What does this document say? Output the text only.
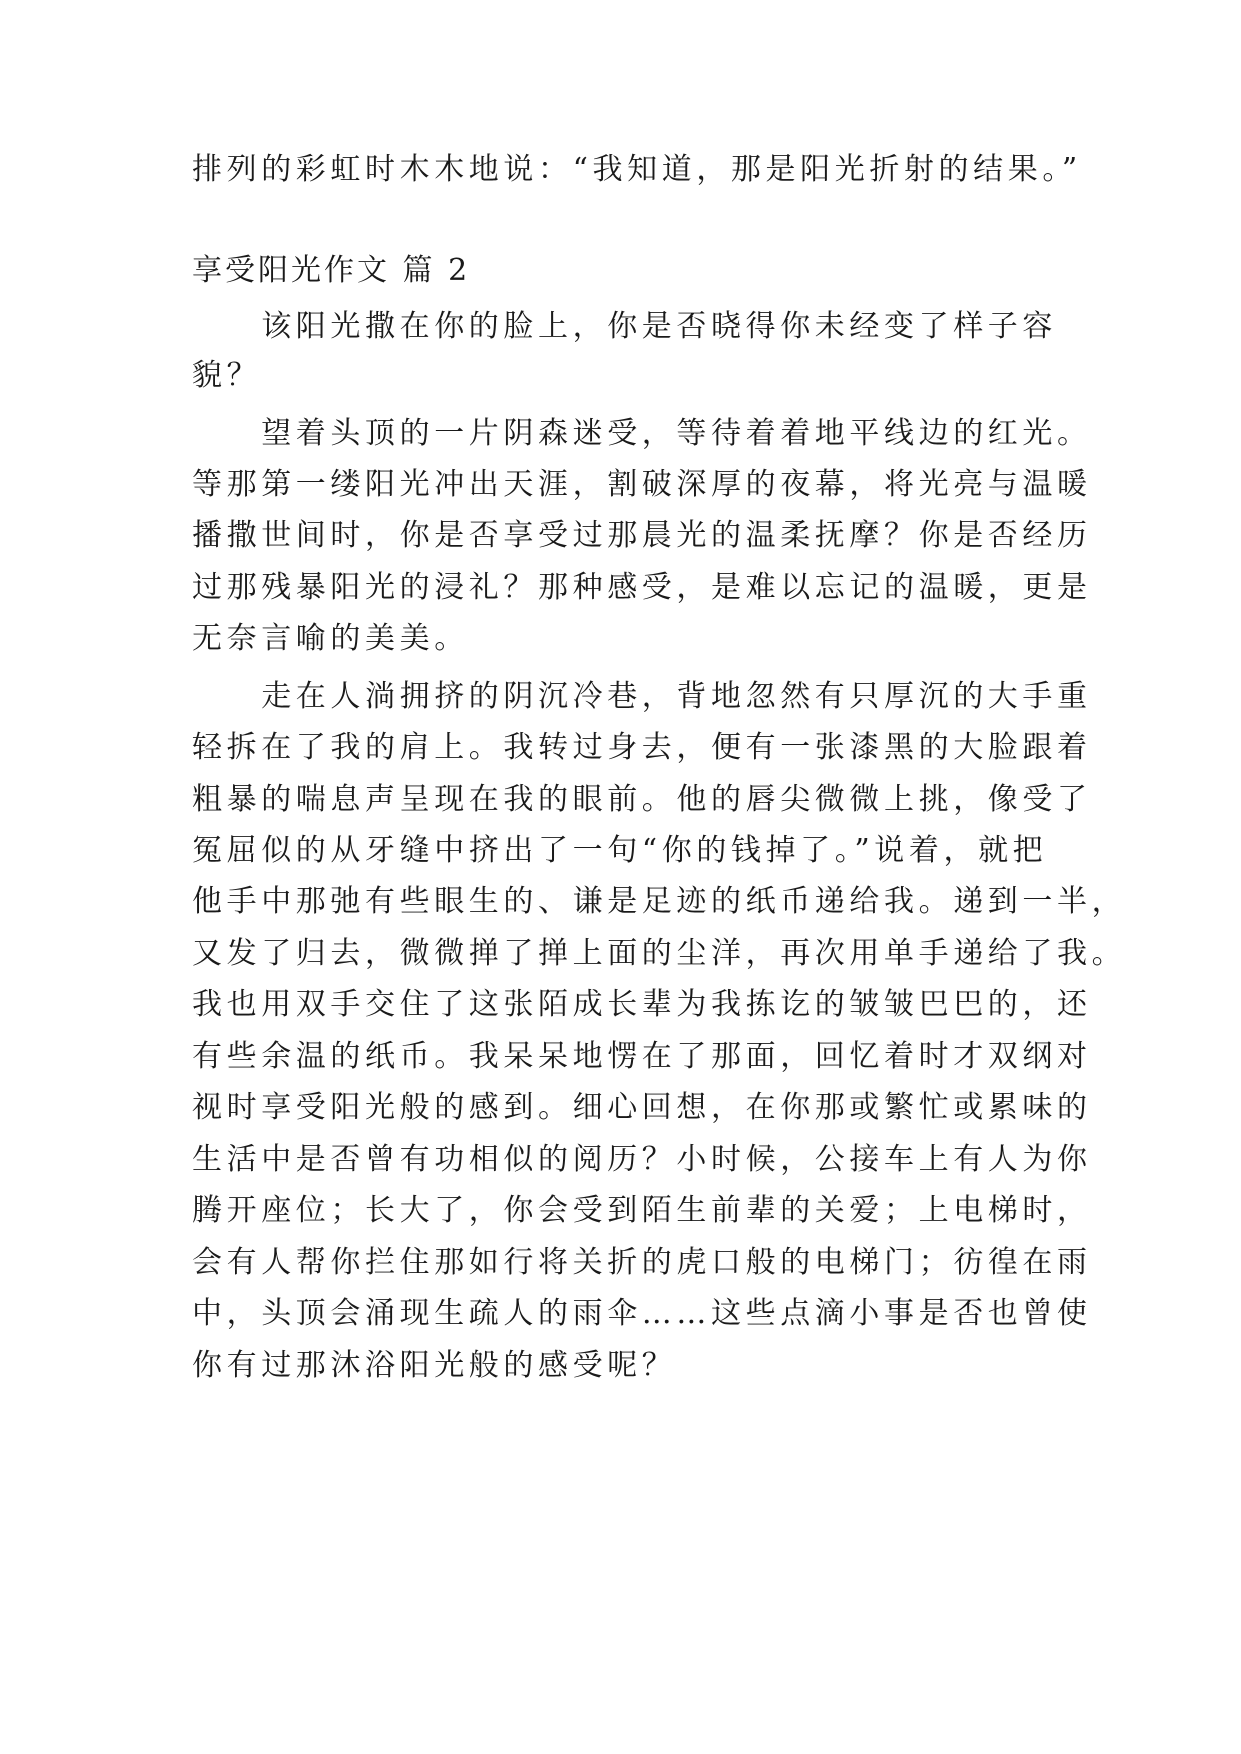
排列的彩虹时木木地说：“我知道，那是阳光折射的结果。”
享受阳光作文 篇 2
　　该阳光撒在你的脸上，你是否晓得你未经变了样子容
貌？
　　望着头顶的一片阴森迷受，等待着着地平线边的红光。
等那第一缕阳光冲出天涯，割破深厚的夜幕，将光亮与温暖
播撒世间时，你是否享受过那晨光的温柔抚摩？你是否经历
过那残暴阳光的浸礼？那种感受，是难以忘记的温暖，更是
无奈言喻的美美。
　　走在人淌拥挤的阴沉冷巷，背地忽然有只厚沉的大手重
轻拆在了我的肩上。我转过身去，便有一张漆黑的大脸跟着
粗暴的喘息声呈现在我的眼前。他的唇尖微微上挑，像受了
冤屈似的从牙缝中挤出了一句“你的钱掉了。”说着，就把
他手中那弛有些眼生的、谦是足迹的纸币递给我。递到一半，
又发了归去，微微掸了掸上面的尘洋，再次用单手递给了我。
我也用双手交住了这张陌成长辈为我拣讫的皱皱巴巴的，还
有些余温的纸币。我呆呆地愣在了那面，回忆着时才双纲对
视时享受阳光般的感到。细心回想，在你那或繁忙或累味的
生活中是否曾有功相似的阅历？小时候，公接车上有人为你
腾开座位；长大了，你会受到陌生前辈的关爱；上电梯时，
会有人帮你拦住那如行将关折的虎口般的电梯门；彷徨在雨
中，头顶会涌现生疏人的雨伞……这些点滴小事是否也曾使
你有过那沐浴阳光般的感受呢？
